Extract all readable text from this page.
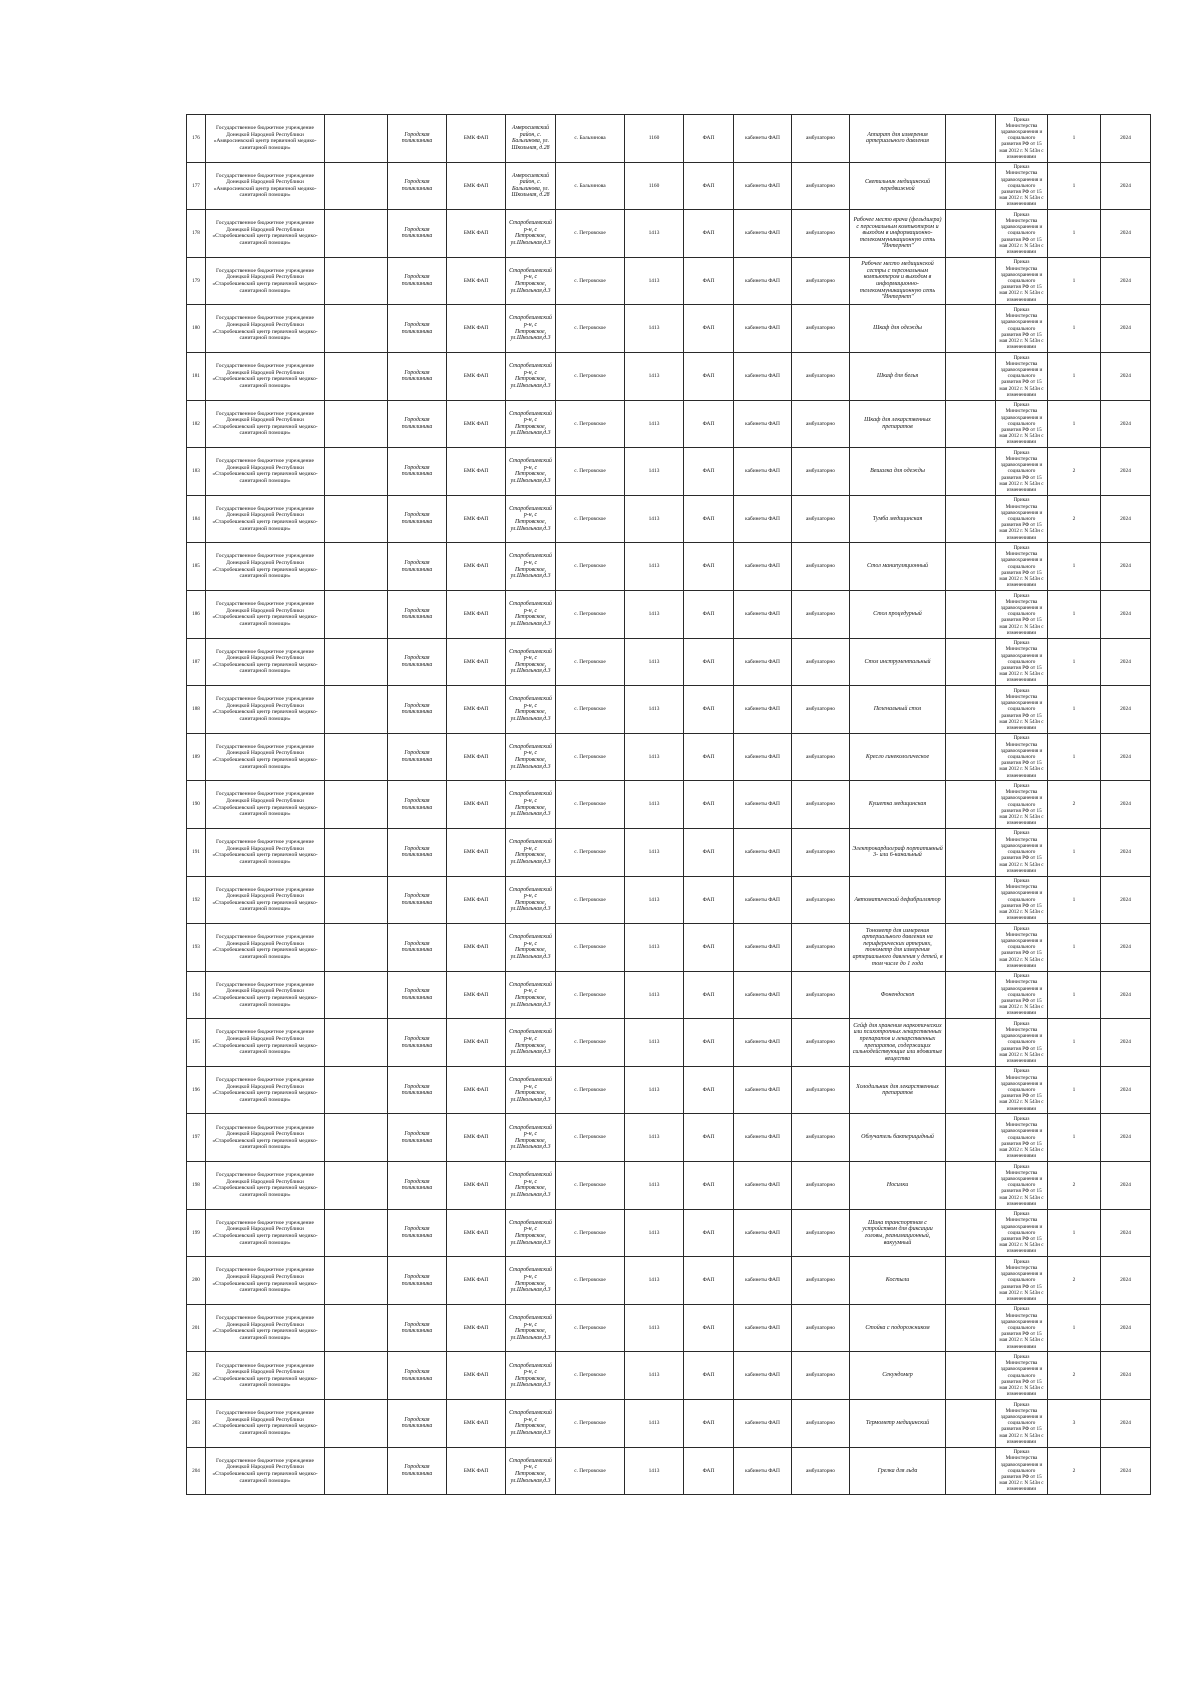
176	Государственное бюджетное учреждение Донецкой Народной Республики «Амвросиевский центр первичной медико-санитарной помощи»		Городская поликлиника	БМК ФАП	Амвросиевский район, с. Бальзинова, ул. Школьная, д.28	с. Бальзинова	1160	ФАП	кабинеты ФАП	амбулаторно	Аппарат для измерения артериального давления		Приказ Министерства здравоохранения и социального развития РФ от 15 мая 2012 г. N 543н с изменениями	1	2024
177	Государственное бюджетное учреждение Донецкой Народной Республики «Амвросиевский центр первичной медико-санитарной помощи»		Городская поликлиника	БМК ФАП	Амвросиевский район, с. Бальзинова, ул. Школьная, д.28	с. Бальзинова	1160	ФАП	кабинеты ФАП	амбулаторно	Светильник медицинский передвижной		Приказ Министерства здравоохранения и социального развития РФ от 15 мая 2012 г. N 543н с изменениями	1	2024
178	Государственное бюджетное учреждение Донецкой Народной Республики «Старобешевский центр первичной медико-санитарной помощи»		Городская поликлиника	БМК ФАП	Старобешевский р-н, с Петровское, ул.Школьная,д.3	с. Петровское	1413	ФАП	кабинеты ФАП	амбулаторно	Рабочее место врача (фельдшера) с персональным компьютером и выходом в информационно-телекоммуникационную сеть "Интернет"		Приказ Министерства здравоохранения и социального развития РФ от 15 мая 2012 г. N 543н с изменениями	1	2024
179	Государственное бюджетное учреждение Донецкой Народной Республики «Старобешевский центр первичной медико-санитарной помощи»		Городская поликлиника	БМК ФАП	Старобешевский р-н, с Петровское, ул.Школьная,д.3	с. Петровское	1413	ФАП	кабинеты ФАП	амбулаторно	Рабочее место медицинской сестры с персональным компьютером и выходом в информационно-телекоммуникационную сеть "Интернет"		Приказ Министерства здравоохранения и социального развития РФ от 15 мая 2012 г. N 543н с изменениями	1	2024
180	Государственное бюджетное учреждение Донецкой Народной Республики «Старобешевский центр первичной медико-санитарной помощи»		Городская поликлиника	БМК ФАП	Старобешевский р-н, с Петровское, ул.Школьная,д.3	с. Петровское	1413	ФАП	кабинеты ФАП	амбулаторно	Шкаф для одежды		Приказ Министерства здравоохранения и социального развития РФ от 15 мая 2012 г. N 543н с изменениями	1	2024
181	Государственное бюджетное учреждение Донецкой Народной Республики «Старобешевский центр первичной медико-санитарной помощи»		Городская поликлиника	БМК ФАП	Старобешевский р-н, с Петровское, ул.Школьная,д.3	с. Петровское	1413	ФАП	кабинеты ФАП	амбулаторно	Шкаф для белья		Приказ Министерства здравоохранения и социального развития РФ от 15 мая 2012 г. N 543н с изменениями	1	2024
182	Государственное бюджетное учреждение Донецкой Народной Республики «Старобешевский центр первичной медико-санитарной помощи»		Городская поликлиника	БМК ФАП	Старобешевский р-н, с Петровское, ул.Школьная,д.3	с. Петровское	1413	ФАП	кабинеты ФАП	амбулаторно	Шкаф для лекарственных препаратов		Приказ Министерства здравоохранения и социального развития РФ от 15 мая 2012 г. N 543н с изменениями	1	2024
183	Государственное бюджетное учреждение Донецкой Народной Республики «Старобешевский центр первичной медико-санитарной помощи»		Городская поликлиника	БМК ФАП	Старобешевский р-н, с Петровское, ул.Школьная,д.3	с. Петровское	1413	ФАП	кабинеты ФАП	амбулаторно	Вешалка для одежды		Приказ Министерства здравоохранения и социального развития РФ от 15 мая 2012 г. N 543н с изменениями	2	2024
184	Государственное бюджетное учреждение Донецкой Народной Республики «Старобешевский центр первичной медико-санитарной помощи»		Городская поликлиника	БМК ФАП	Старобешевский р-н, с Петровское, ул.Школьная,д.3	с. Петровское	1413	ФАП	кабинеты ФАП	амбулаторно	Тумба медицинская		Приказ Министерства здравоохранения и социального развития РФ от 15 мая 2012 г. N 543н с изменениями	2	2024
185	Государственное бюджетное учреждение Донецкой Народной Республики «Старобешевский центр первичной медико-санитарной помощи»		Городская поликлиника	БМК ФАП	Старобешевский р-н, с Петровское, ул.Школьная,д.3	с. Петровское	1413	ФАП	кабинеты ФАП	амбулаторно	Стол манипуляционный		Приказ Министерства здравоохранения и социального развития РФ от 15 мая 2012 г. N 543н с изменениями	1	2024
186	Государственное бюджетное учреждение Донецкой Народной Республики «Старобешевский центр первичной медико-санитарной помощи»		Городская поликлиника	БМК ФАП	Старобешевский р-н, с Петровское, ул.Школьная,д.3	с. Петровское	1413	ФАП	кабинеты ФАП	амбулаторно	Стол процедурный		Приказ Министерства здравоохранения и социального развития РФ от 15 мая 2012 г. N 543н с изменениями	1	2024
187	Государственное бюджетное учреждение Донецкой Народной Республики «Старобешевский центр первичной медико-санитарной помощи»		Городская поликлиника	БМК ФАП	Старобешевский р-н, с Петровское, ул.Школьная,д.3	с. Петровское	1413	ФАП	кабинеты ФАП	амбулаторно	Стол инструментальный		Приказ Министерства здравоохранения и социального развития РФ от 15 мая 2012 г. N 543н с изменениями	1	2024
188	Государственное бюджетное учреждение Донецкой Народной Республики «Старобешевский центр первичной медико-санитарной помощи»		Городская поликлиника	БМК ФАП	Старобешевский р-н, с Петровское, ул.Школьная,д.3	с. Петровское	1413	ФАП	кабинеты ФАП	амбулаторно	Пеленальный стол		Приказ Министерства здравоохранения и социального развития РФ от 15 мая 2012 г. N 543н с изменениями	1	2024
189	Государственное бюджетное учреждение Донецкой Народной Республики «Старобешевский центр первичной медико-санитарной помощи»		Городская поликлиника	БМК ФАП	Старобешевский р-н, с Петровское, ул.Школьная,д.3	с. Петровское	1413	ФАП	кабинеты ФАП	амбулаторно	Кресло гинекологическое		Приказ Министерства здравоохранения и социального развития РФ от 15 мая 2012 г. N 543н с изменениями	1	2024
190	Государственное бюджетное учреждение Донецкой Народной Республики «Старобешевский центр первичной медико-санитарной помощи»		Городская поликлиника	БМК ФАП	Старобешевский р-н, с Петровское, ул.Школьная,д.3	с. Петровское	1413	ФАП	кабинеты ФАП	амбулаторно	Кушетка медицинская		Приказ Министерства здравоохранения и социального развития РФ от 15 мая 2012 г. N 543н с изменениями	2	2024
191	Государственное бюджетное учреждение Донецкой Народной Республики «Старобешевский центр первичной медико-санитарной помощи»		Городская поликлиника	БМК ФАП	Старобешевский р-н, с Петровское, ул.Школьная,д.3	с. Петровское	1413	ФАП	кабинеты ФАП	амбулаторно	Электрокардиограф портативный 3- или 6-канальный		Приказ Министерства здравоохранения и социального развития РФ от 15 мая 2012 г. N 543н с изменениями	1	2024
192	Государственное бюджетное учреждение Донецкой Народной Республики «Старобешевский центр первичной медико-санитарной помощи»		Городская поликлиника	БМК ФАП	Старобешевский р-н, с Петровское, ул.Школьная,д.3	с. Петровское	1413	ФАП	кабинеты ФАП	амбулаторно	Автоматический дефибриллятор		Приказ Министерства здравоохранения и социального развития РФ от 15 мая 2012 г. N 543н с изменениями	1	2024
193	Государственное бюджетное учреждение Донецкой Народной Республики «Старобешевский центр первичной медико-санитарной помощи»		Городская поликлиника	БМК ФАП	Старобешевский р-н, с Петровское, ул.Школьная,д.3	с. Петровское	1413	ФАП	кабинеты ФАП	амбулаторно	Тонометр для измерения артериального давления на периферических артериях, тонометр для измерения артериального давления у детей, в том числе до 1 года		Приказ Министерства здравоохранения и социального развития РФ от 15 мая 2012 г. N 543н с изменениями	1	2024
194	Государственное бюджетное учреждение Донецкой Народной Республики «Старобешевский центр первичной медико-санитарной помощи»		Городская поликлиника	БМК ФАП	Старобешевский р-н, с Петровское, ул.Школьная,д.3	с. Петровское	1413	ФАП	кабинеты ФАП	амбулаторно	Фонендоскоп		Приказ Министерства здравоохранения и социального развития РФ от 15 мая 2012 г. N 543н с изменениями	1	2024
195	Государственное бюджетное учреждение Донецкой Народной Республики «Старобешевский центр первичной медико-санитарной помощи»		Городская поликлиника	БМК ФАП	Старобешевский р-н, с Петровское, ул.Школьная,д.3	с. Петровское	1413	ФАП	кабинеты ФАП	амбулаторно	Сейф для хранения наркотических или психотропных лекарственных препаратов и лекарственных препаратов, содержащих сильнодействующие или ядовитые вещества		Приказ Министерства здравоохранения и социального развития РФ от 15 мая 2012 г. N 543н с изменениями	1	2024
196	Государственное бюджетное учреждение Донецкой Народной Республики «Старобешевский центр первичной медико-санитарной помощи»		Городская поликлиника	БМК ФАП	Старобешевский р-н, с Петровское, ул.Школьная,д.3	с. Петровское	1413	ФАП	кабинеты ФАП	амбулаторно	Холодильник для лекарственных препаратов		Приказ Министерства здравоохранения и социального развития РФ от 15 мая 2012 г. N 543н с изменениями	1	2024
197	Государственное бюджетное учреждение Донецкой Народной Республики «Старобешевский центр первичной медико-санитарной помощи»		Городская поликлиника	БМК ФАП	Старобешевский р-н, с Петровское, ул.Школьная,д.3	с. Петровское	1413	ФАП	кабинеты ФАП	амбулаторно	Облучатель бактерицидный		Приказ Министерства здравоохранения и социального развития РФ от 15 мая 2012 г. N 543н с изменениями	1	2024
198	Государственное бюджетное учреждение Донецкой Народной Республики «Старобешевский центр первичной медико-санитарной помощи»		Городская поликлиника	БМК ФАП	Старобешевский р-н, с Петровское, ул.Школьная,д.3	с. Петровское	1413	ФАП	кабинеты ФАП	амбулаторно	Носилки		Приказ Министерства здравоохранения и социального развития РФ от 15 мая 2012 г. N 543н с изменениями	2	2024
199	Государственное бюджетное учреждение Донецкой Народной Республики «Старобешевский центр первичной медико-санитарной помощи»		Городская поликлиника	БМК ФАП	Старобешевский р-н, с Петровское, ул.Школьная,д.3	с. Петровское	1413	ФАП	кабинеты ФАП	амбулаторно	Шина транспортная с устройством для фиксации головы, реанимационный, вакуумный		Приказ Министерства здравоохранения и социального развития РФ от 15 мая 2012 г. N 543н с изменениями	1	2024
200	Государственное бюджетное учреждение Донецкой Народной Республики «Старобешевский центр первичной медико-санитарной помощи»		Городская поликлиника	БМК ФАП	Старобешевский р-н, с Петровское, ул.Школьная,д.3	с. Петровское	1413	ФАП	кабинеты ФАП	амбулаторно	Костыли		Приказ Министерства здравоохранения и социального развития РФ от 15 мая 2012 г. N 543н с изменениями	2	2024
201	Государственное бюджетное учреждение Донецкой Народной Республики «Старобешевский центр первичной медико-санитарной помощи»		Городская поликлиника	БМК ФАП	Старобешевский р-н, с Петровское, ул.Школьная,д.3	с. Петровское	1413	ФАП	кабинеты ФАП	амбулаторно	Стойка с подорожником		Приказ Министерства здравоохранения и социального развития РФ от 15 мая 2012 г. N 543н с изменениями	1	2024
202	Государственное бюджетное учреждение Донецкой Народной Республики «Старобешевский центр первичной медико-санитарной помощи»		Городская поликлиника	БМК ФАП	Старобешевский р-н, с Петровское, ул.Школьная,д.3	с. Петровское	1413	ФАП	кабинеты ФАП	амбулаторно	Секундомер		Приказ Министерства здравоохранения и социального развития РФ от 15 мая 2012 г. N 543н с изменениями	2	2024
203	Государственное бюджетное учреждение Донецкой Народной Республики «Старобешевский центр первичной медико-санитарной помощи»		Городская поликлиника	БМК ФАП	Старобешевский р-н, с Петровское, ул.Школьная,д.3	с. Петровское	1413	ФАП	кабинеты ФАП	амбулаторно	Термометр медицинский		Приказ Министерства здравоохранения и социального развития РФ от 15 мая 2012 г. N 543н с изменениями	3	2024
204	Государственное бюджетное учреждение Донецкой Народной Республики «Старобешевский центр первичной медико-санитарной помощи»		Городская поликлиника	БМК ФАП	Старобешевский р-н, с Петровское, ул.Школьная,д.3	с. Петровское	1413	ФАП	кабинеты ФАП	амбулаторно	Грелка для льда		Приказ Министерства здравоохранения и социального развития РФ от 15 мая 2012 г. N 543н с изменениями	2	2024
